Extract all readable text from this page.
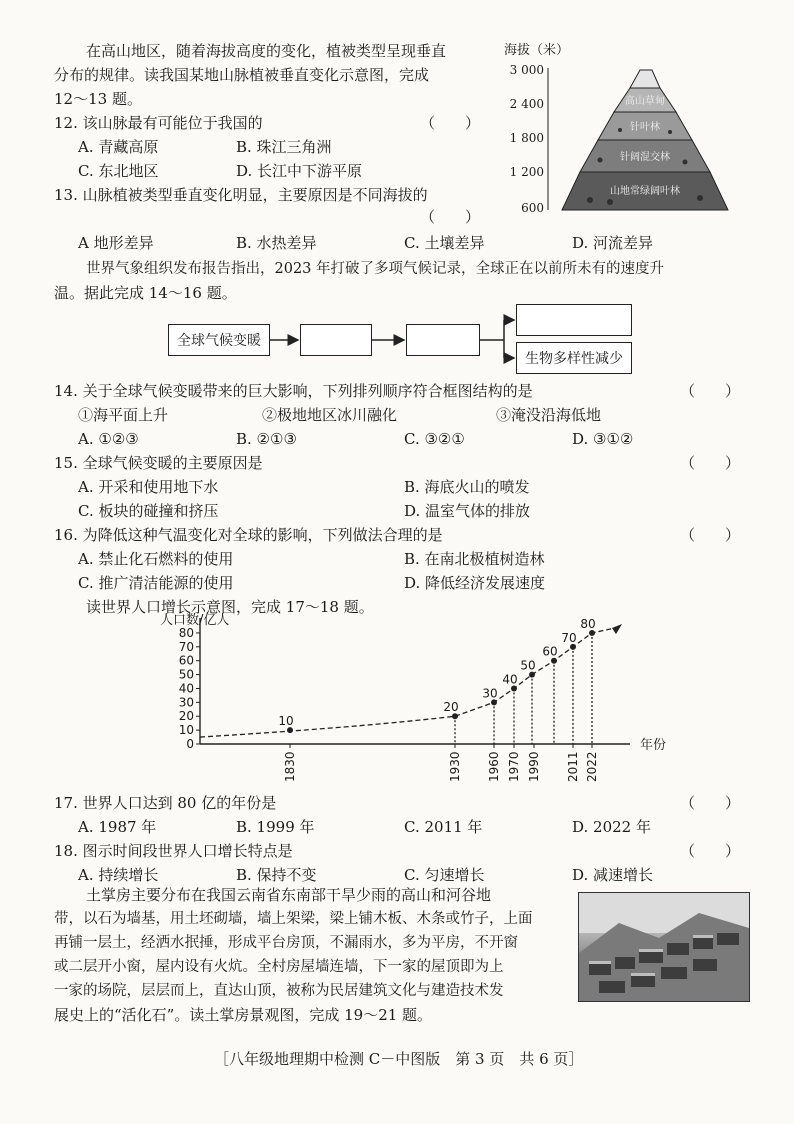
在高山地区，随着海拔高度的变化，植被类型呈现垂直
分布的规律。读我国某地山脉植被垂直变化示意图，完成
12～13 题。
海拔（米）
3 000
2 400
1 800
1 200
600
高山草甸
针叶林
针阔混交林
山地常绿阔叶林
12. 该山脉最有可能位于我国的	（　　）
A. 青藏高原	B. 珠江三角洲
C. 东北地区	D. 长江中下游平原
13. 山脉植被类型垂直变化明显，主要原因是不同海拔的
（　　）
A 地形差异	B. 水热差异	C. 土壤差异	D. 河流差异
世界气象组织发布报告指出，2023 年打破了多项气候记录，全球正在以前所未有的速度升
温。据此完成 14～16 题。
全球气候变暖
生物多样性减少
14. 关于全球气候变暖带来的巨大影响，下列排列顺序符合框图结构的是	（　　）
①海平面上升	②极地地区冰川融化	③淹没沿海低地
A. ①②③	B. ②①③	C. ③②①	D. ③①②
15. 全球气候变暖的主要原因是	（　　）
A. 开采和使用地下水	B. 海底火山的喷发
C. 板块的碰撞和挤压	D. 温室气体的排放
16. 为降低这种气温变化对全球的影响，下列做法合理的是	（　　）
A. 禁止化石燃料的使用	B. 在南北极植树造林
C. 推广清洁能源的使用	D. 降低经济发展速度
读世界人口增长示意图，完成 17～18 题。
人口数/亿人
0
10
20
30
40
50
60
70
80
年份
10
20
30
40
50
60
70
80
1830	1930 1960 1970 1990 2011 2022
17. 世界人口达到 80 亿的年份是	（　　）
A. 1987 年	B. 1999 年	C. 2011 年	D. 2022 年
18. 图示时间段世界人口增长特点是	（　　）
A. 持续增长	B. 保持不变	C. 匀速增长	D. 减速增长
土掌房主要分布在我国云南省东南部干旱少雨的高山和河谷地
带，以石为墙基，用土坯砌墙，墙上架梁，梁上铺木板、木条或竹子，上面
再铺一层土，经洒水抿捶，形成平台房顶，不漏雨水，多为平房，不开窗
或二层开小窗，屋内设有火炕。全村房屋墙连墙，下一家的屋顶即为上
一家的场院，层层而上，直达山顶，被称为民居建筑文化与建造技术发
展史上的“活化石”。读土掌房景观图，完成 19～21 题。
［八年级地理期中检测 C－中图版　第 3 页　共 6 页］
